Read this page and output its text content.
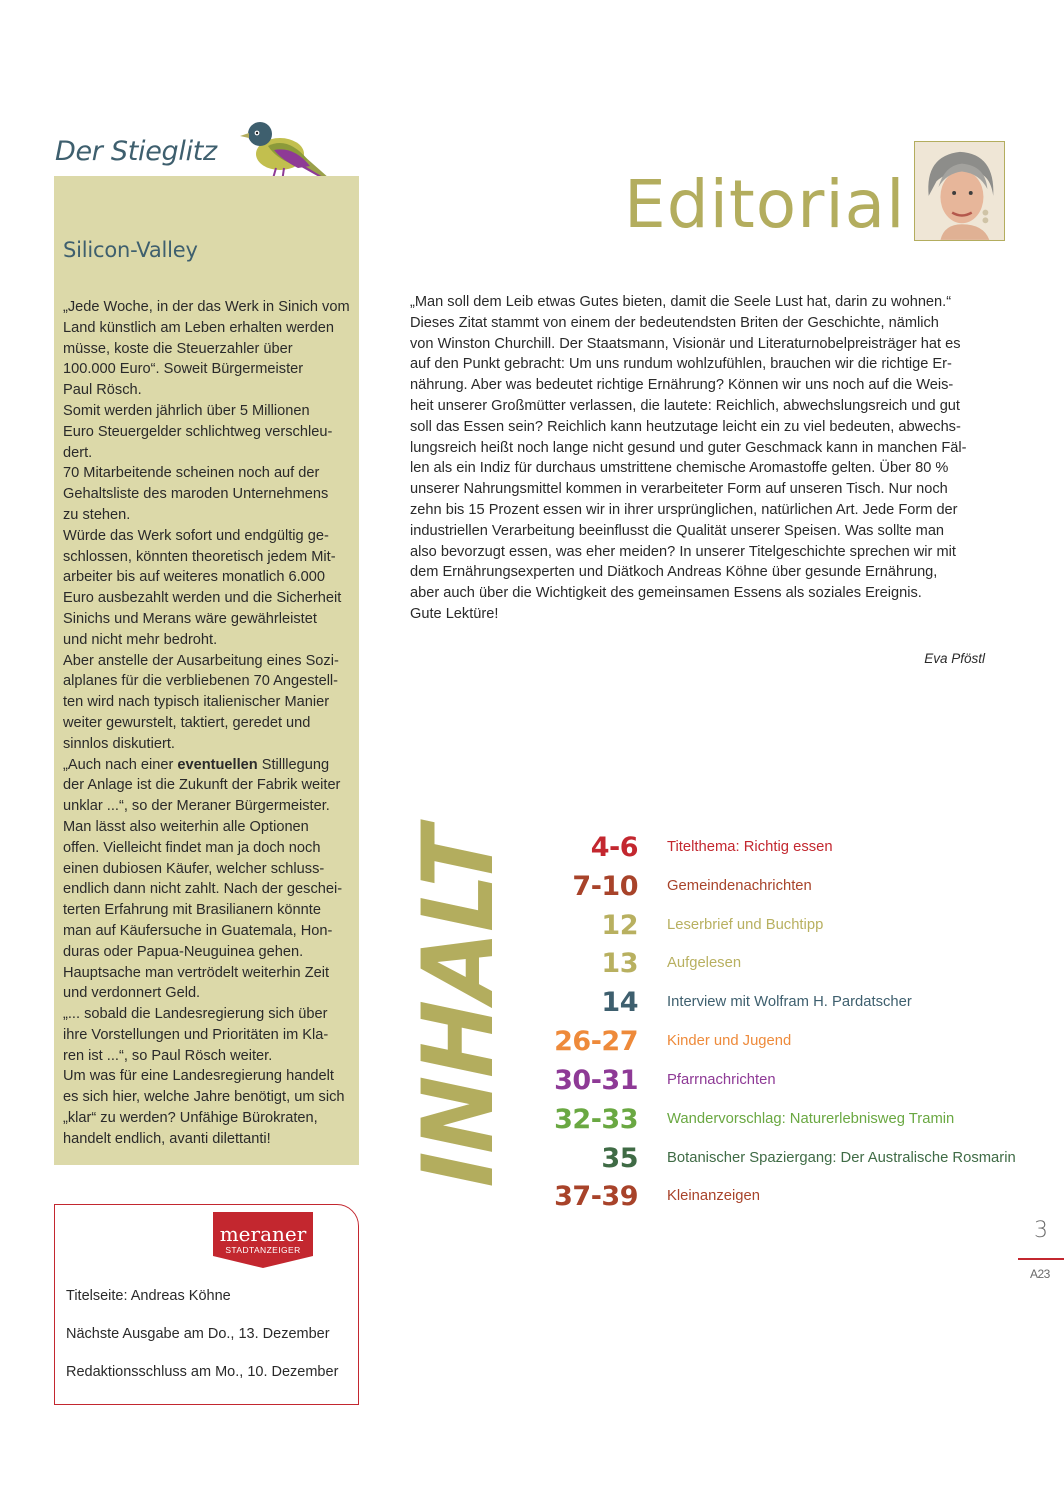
Der Stieglitz
Silicon-Valley
„Jede Woche, in der das Werk in Sinich vom
Land künstlich am Leben erhalten werden
müsse, koste die Steuerzahler über
100.000 Euro“. Soweit Bürgermeister
Paul Rösch.
Somit werden jährlich über 5 Millionen
Euro Steuergelder schlichtweg verschleu-
dert.
70 Mitarbeitende scheinen noch auf der
Gehaltsliste des maroden Unternehmens
zu stehen.
Würde das Werk sofort und endgültig ge-
schlossen, könnten theoretisch jedem Mit-
arbeiter bis auf weiteres monatlich 6.000
Euro ausbezahlt werden und die Sicherheit
Sinichs und Merans wäre gewährleistet
und nicht mehr bedroht.
Aber anstelle der Ausarbeitung eines Sozi-
alplanes für die verbliebenen 70 Angestell-
ten wird nach typisch italienischer Manier
weiter gewurstelt, taktiert, geredet und
sinnlos diskutiert.
„Auch nach einer eventuellen Stilllegung
der Anlage ist die Zukunft der Fabrik weiter
unklar ...“, so der Meraner Bürgermeister.
Man lässt also weiterhin alle Optionen
offen. Vielleicht findet man ja doch noch
einen dubiosen Käufer, welcher schluss-
endlich dann nicht zahlt. Nach der geschei-
terten Erfahrung mit Brasilianern könnte
man auf Käufersuche in Guatemala, Hon-
duras oder Papua-Neuguinea gehen.
Hauptsache man vertrödelt weiterhin Zeit
und verdonnert Geld.
„... sobald die Landesregierung sich über
ihre Vorstellungen und Prioritäten im Kla-
ren ist ...“, so Paul Rösch weiter.
Um was für eine Landesregierung handelt
es sich hier, welche Jahre benötigt, um sich
„klar“ zu werden? Unfähige Bürokraten,
handelt endlich, avanti dilettanti!
meraner
STADTANZEIGER
Titelseite: Andreas Köhne
Nächste Ausgabe am Do., 13. Dezember
Redaktionsschluss am Mo., 10. Dezember
Editorial
„Man soll dem Leib etwas Gutes bieten, damit die Seele Lust hat, darin zu wohnen.“
Dieses Zitat stammt von einem der bedeutendsten Briten der Geschichte, nämlich
von Winston Churchill. Der Staatsmann, Visionär und Literaturnobelpreisträger hat es
auf den Punkt gebracht: Um uns rundum wohlzufühlen, brauchen wir die richtige Er-
nährung. Aber was bedeutet richtige Ernährung? Können wir uns noch auf die Weis-
heit unserer Großmütter verlassen, die lautete: Reichlich, abwechslungsreich und gut
soll das Essen sein? Reichlich kann heutzutage leicht ein zu viel bedeuten, abwechs-
lungsreich heißt noch lange nicht gesund und guter Geschmack kann in manchen Fäl-
len als ein Indiz für durchaus umstrittene chemische Aromastoffe gelten. Über 80 %
unserer Nahrungsmittel kommen in verarbeiteter Form auf unseren Tisch. Nur noch
zehn bis 15 Prozent essen wir in ihrer ursprünglichen, natürlichen Art. Jede Form der
industriellen Verarbeitung beeinflusst die Qualität unserer Speisen. Was sollte man
also bevorzugt essen, was eher meiden? In unserer Titelgeschichte sprechen wir mit
dem Ernährungsexperten und Diätkoch Andreas Köhne über gesunde Ernährung,
aber auch über die Wichtigkeit des gemeinsamen Essens als soziales Ereignis.
Gute Lektüre!
Eva Pföstl
INHALT	4-6 Titelthema: Richtig essen
7-10 Gemeindenachrichten
12 Leserbrief und Buchtipp
13 Aufgelesen
14 Interview mit Wolfram H. Pardatscher
26-27 Kinder und Jugend
30-31 Pfarrnachrichten
32-33 Wandervorschlag: Naturerlebnisweg Tramin
35 Botanischer Spaziergang: Der Australische Rosmarin
37-39 Kleinanzeigen
3
A23
